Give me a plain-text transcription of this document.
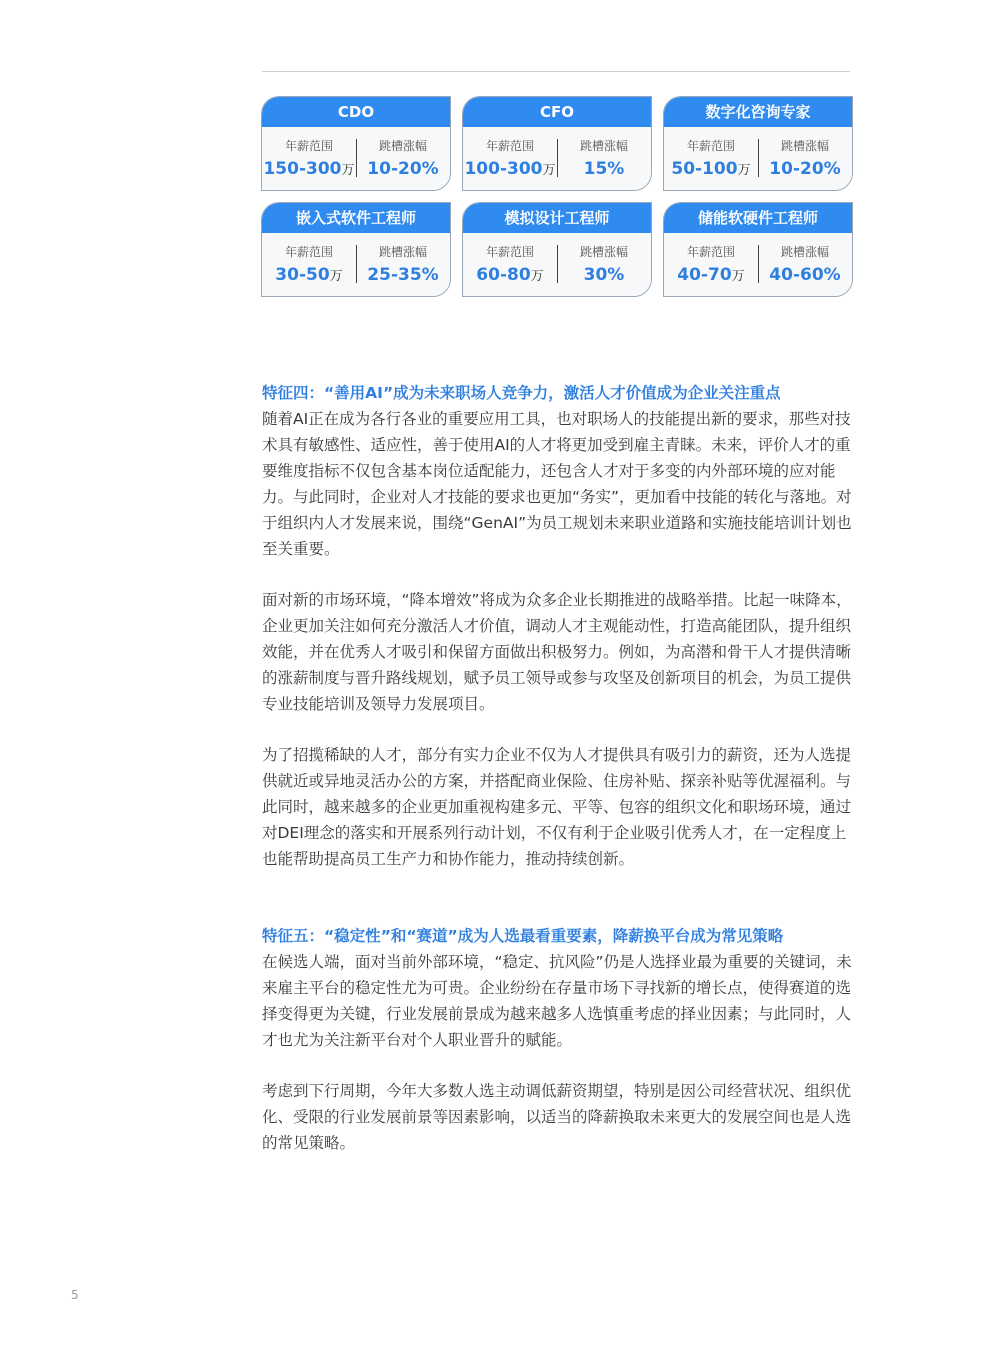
CDO
年薪范围
150-300万
跳槽涨幅
10-20%
CFO
年薪范围
100-300万
跳槽涨幅
15%
数字化咨询专家
年薪范围
50-100万
跳槽涨幅
10-20%
嵌入式软件工程师
年薪范围
30-50万
跳槽涨幅
25-35%
模拟设计工程师
年薪范围
60-80万
跳槽涨幅
30%
储能软硬件工程师
年薪范围
40-70万
跳槽涨幅
40-60%
特征四：“善用AI”成为未来职场人竞争力，激活人才价值成为企业关注重点

随着AI正在成为各行各业的重要应用工具，也对职场人的技能提出新的要求，那些对技术具有敏感性、适应性，善于使用AI的人才将更加受到雇主青睐。未来，评价人才的重要维度指标不仅包含基本岗位适配能力，还包含人才对于多变的内外部环境的应对能力。与此同时，企业对人才技能的要求也更加“务实”，更加看中技能的转化与落地。对于组织内人才发展来说，围绕“GenAI”为员工规划未来职业道路和实施技能培训计划也至关重要。

面对新的市场环境，“降本增效”将成为众多企业长期推进的战略举措。比起一味降本，企业更加关注如何充分激活人才价值，调动人才主观能动性，打造高能团队，提升组织效能，并在优秀人才吸引和保留方面做出积极努力。例如，为高潜和骨干人才提供清晰的涨薪制度与晋升路线规划，赋予员工领导或参与攻坚及创新项目的机会，为员工提供专业技能培训及领导力发展项目。

为了招揽稀缺的人才，部分有实力企业不仅为人才提供具有吸引力的薪资，还为人选提供就近或异地灵活办公的方案，并搭配商业保险、住房补贴、探亲补贴等优渥福利。与此同时，越来越多的企业更加重视构建多元、平等、包容的组织文化和职场环境，通过对DEI理念的落实和开展系列行动计划，不仅有利于企业吸引优秀人才，在一定程度上也能帮助提高员工生产力和协作能力，推动持续创新。

特征五：“稳定性”和“赛道”成为人选最看重要素，降薪换平台成为常见策略

在候选人端，面对当前外部环境，“稳定、抗风险”仍是人选择业最为重要的关键词，未来雇主平台的稳定性尤为可贵。企业纷纷在存量市场下寻找新的增长点，使得赛道的选择变得更为关键，行业发展前景成为越来越多人选慎重考虑的择业因素；与此同时，人才也尤为关注新平台对个人职业晋升的赋能。

考虑到下行周期，今年大多数人选主动调低薪资期望，特别是因公司经营状况、组织优化、受限的行业发展前景等因素影响，以适当的降薪换取未来更大的发展空间也是人选的常见策略。

5
